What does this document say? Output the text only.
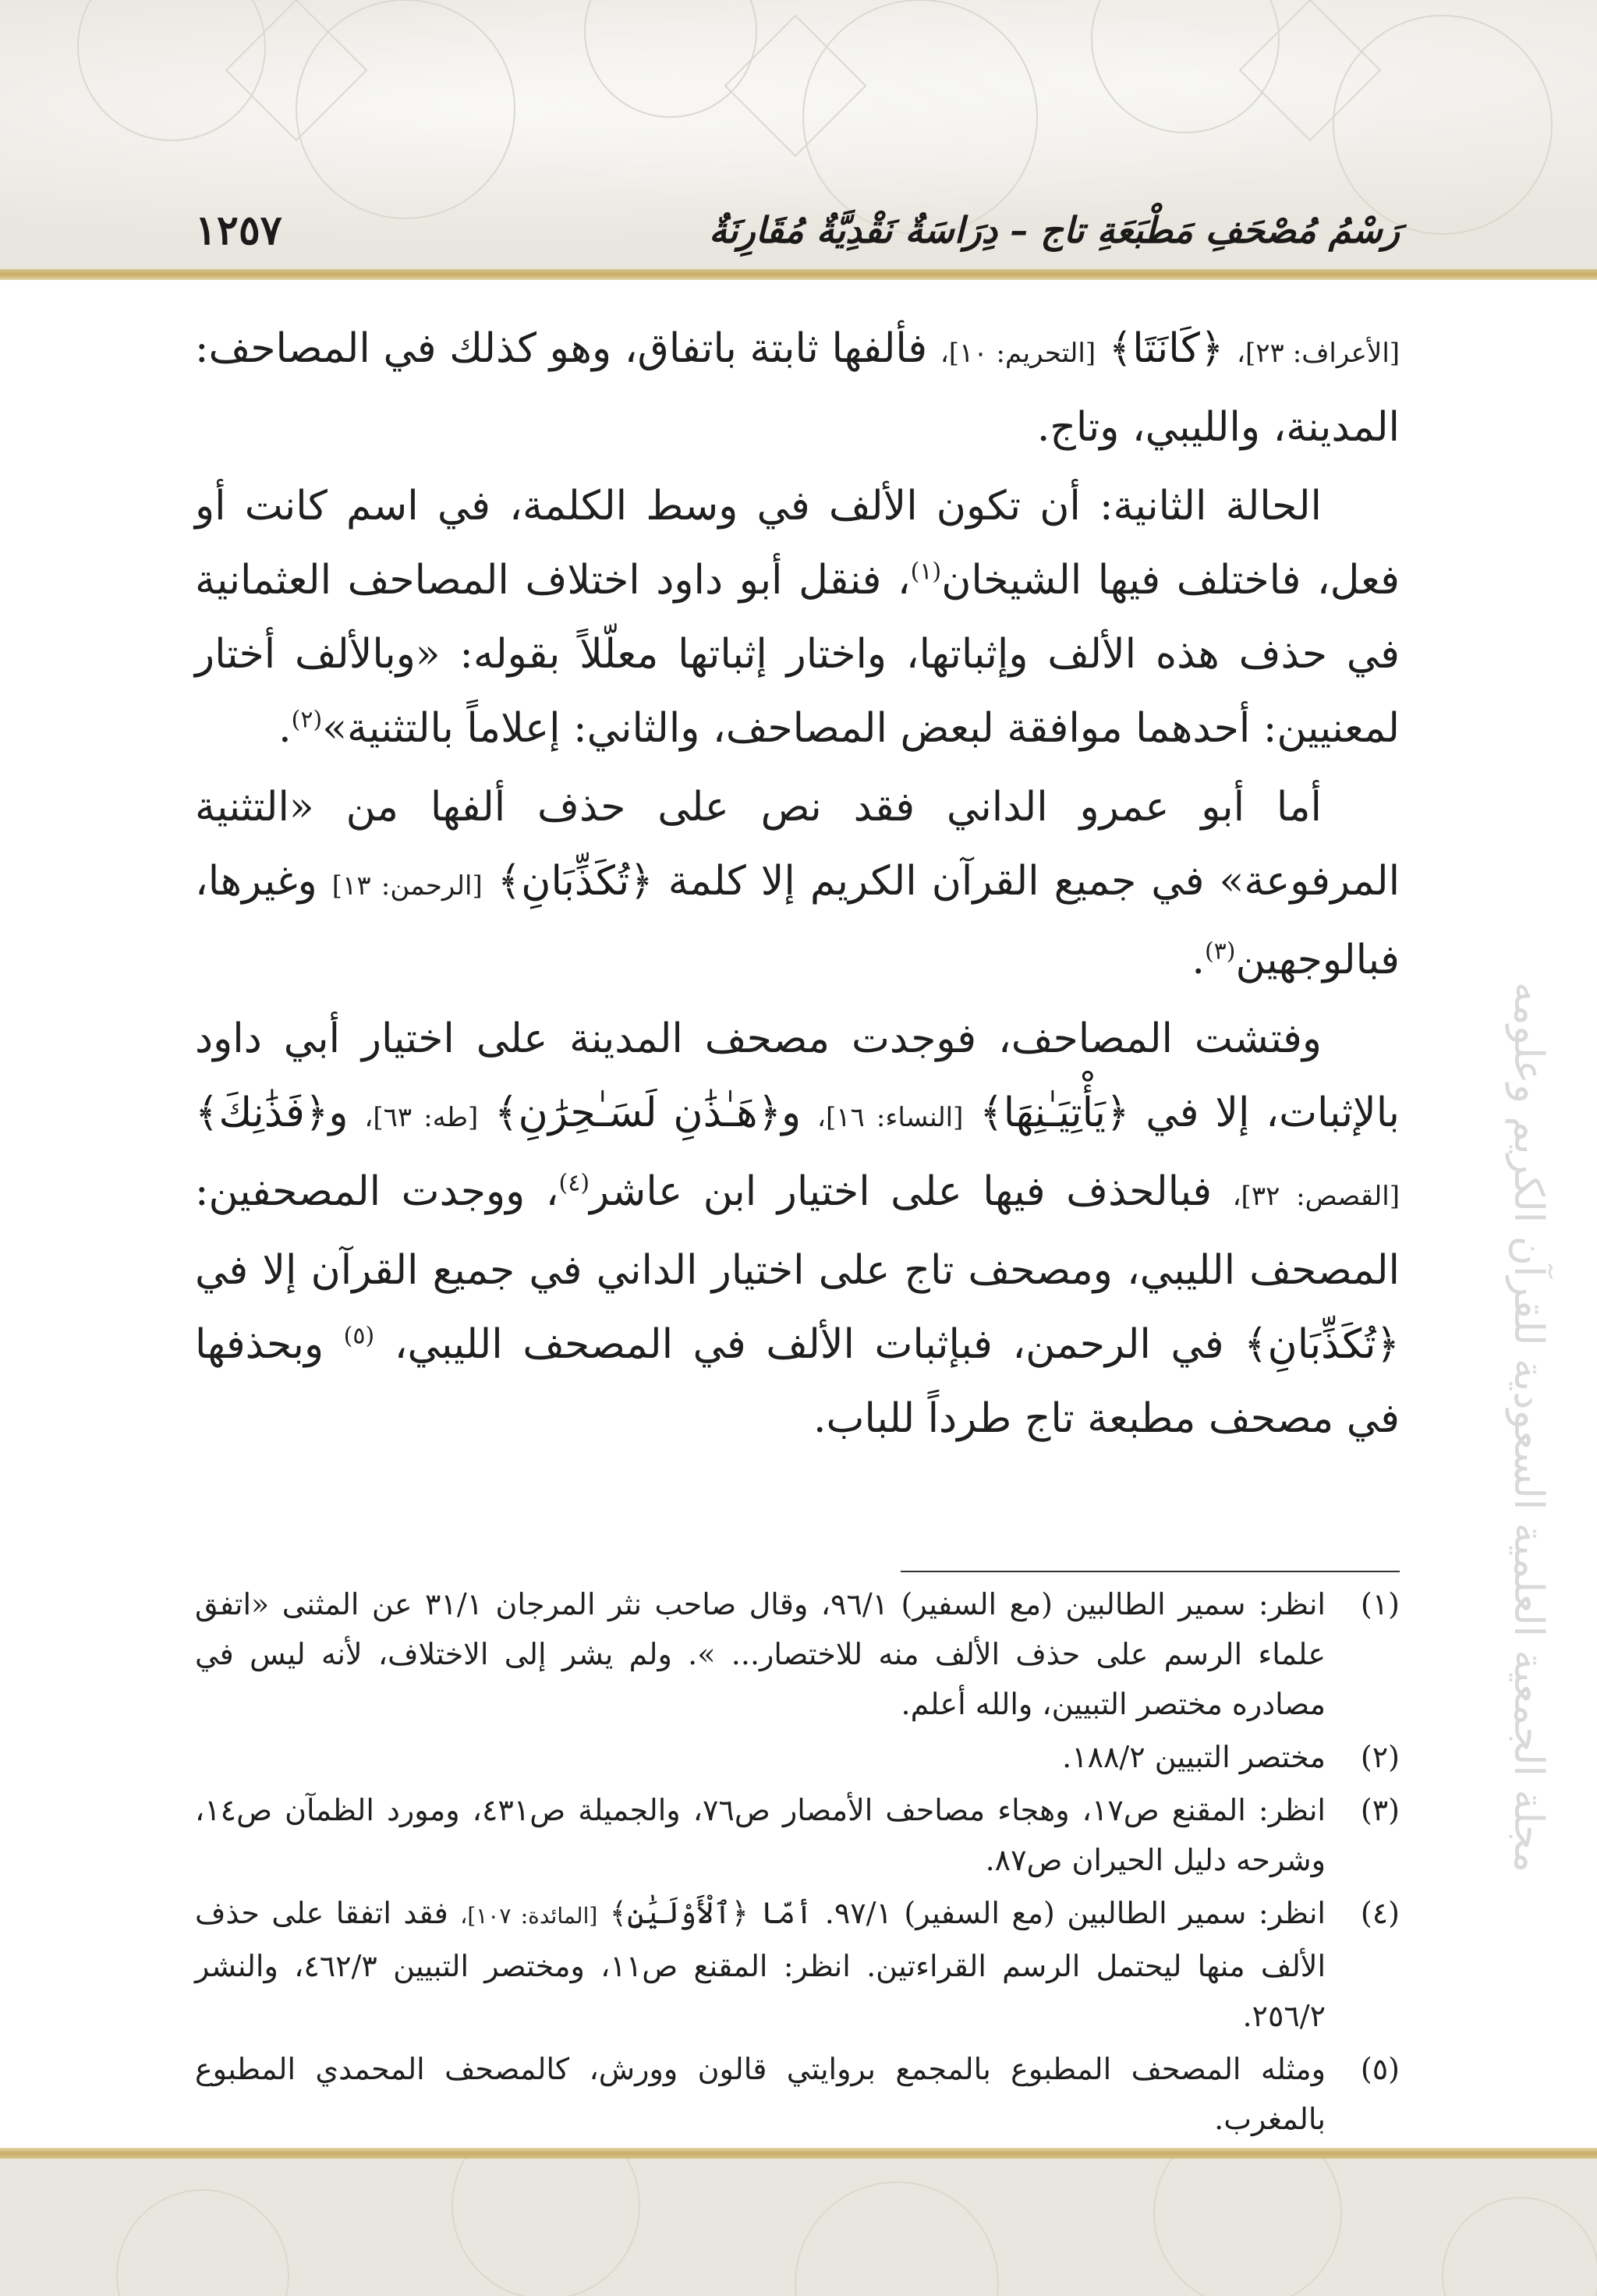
مجلة الجمعية العلمية السعودية للقرآن الكريم وعلومه
١٢٥٧	رَسْمُ مُصْحَفِ مَطْبَعَةِ تاج – دِرَاسَةٌ نَقْدِيَّةٌ مُقَارِنَةٌ

[الأعراف: ٢٣]، ﴿كَانَتَا﴾ [التحريم: ١٠]، فألفها ثابتة باتفاق، وهو كذلك في المصاحف: المدينة، والليبي، وتاج.

الحالة الثانية: أن تكون الألف في وسط الكلمة، في اسم كانت أو فعل، فاختلف فيها الشيخان$^{(١)}$، فنقل أبو داود اختلاف المصاحف العثمانية في حذف هذه الألف وإثباتها، واختار إثباتها معلّلاً بقوله: «وبالألف أختار لمعنيين: أحدهما موافقة لبعض المصاحف، والثاني: إعلاماً بالتثنية»$^{(٢)}$.

أما أبو عمرو الداني فقد نص على حذف ألفها من «التثنية المرفوعة» في جميع القرآن الكريم إلا كلمة ﴿تُكَذِّبَانِ﴾ [الرحمن: ١٣] وغيرها، فبالوجهين$^{(٣)}$.

وفتشت المصاحف، فوجدت مصحف المدينة على اختيار أبي داود بالإثبات، إلا في ﴿يَأْتِيَـٰنِهَا﴾ [النساء: ١٦]، و﴿هَـٰذَٰنِ لَسَـٰحِرَٰنِ﴾ [طه: ٦٣]، و﴿فَذَٰنِكَ﴾ [القصص: ٣٢]، فبالحذف فيها على اختيار ابن عاشر$^{(٤)}$، ووجدت المصحفين: المصحف الليبي، ومصحف تاج على اختيار الداني في جميع القرآن إلا في ﴿تُكَذِّبَانِ﴾ في الرحمن، فبإثبات الألف في المصحف الليبي، $^{(٥)}$ وبحذفها في مصحف مطبعة تاج طرداً للباب.

(١)
انظر: سمير الطالبين (مع السفير) ٩٦/١، وقال صاحب نثر المرجان ٣١/١ عن المثنى «اتفق علماء الرسم على حذف الألف منه للاختصار... ». ولم يشر إلى الاختلاف، لأنه ليس في مصادره مختصر التبيين، والله أعلم.
(٢)
مختصر التبيين ١٨٨/٢.
(٣)
انظر: المقنع ص١٧، وهجاء مصاحف الأمصار ص٧٦، والجميلة ص٤٣١، ومورد الظمآن ص١٤، وشرحه دليل الحيران ص٨٧.
(٤)
انظر: سمير الطالبين (مع السفير) ٩٧/١. أمّا ﴿ٱلْأَوْلَيَٰنِ﴾ [المائدة: ١٠٧]، فقد اتفقا على حذف الألف منها ليحتمل الرسم القراءتين. انظر: المقنع ص١١، ومختصر التبيين ٤٦٢/٣، والنشر ٢٥٦/٢.
(٥)
ومثله المصحف المطبوع بالمجمع بروايتي قالون وورش، كالمصحف المحمدي المطبوع بالمغرب.
